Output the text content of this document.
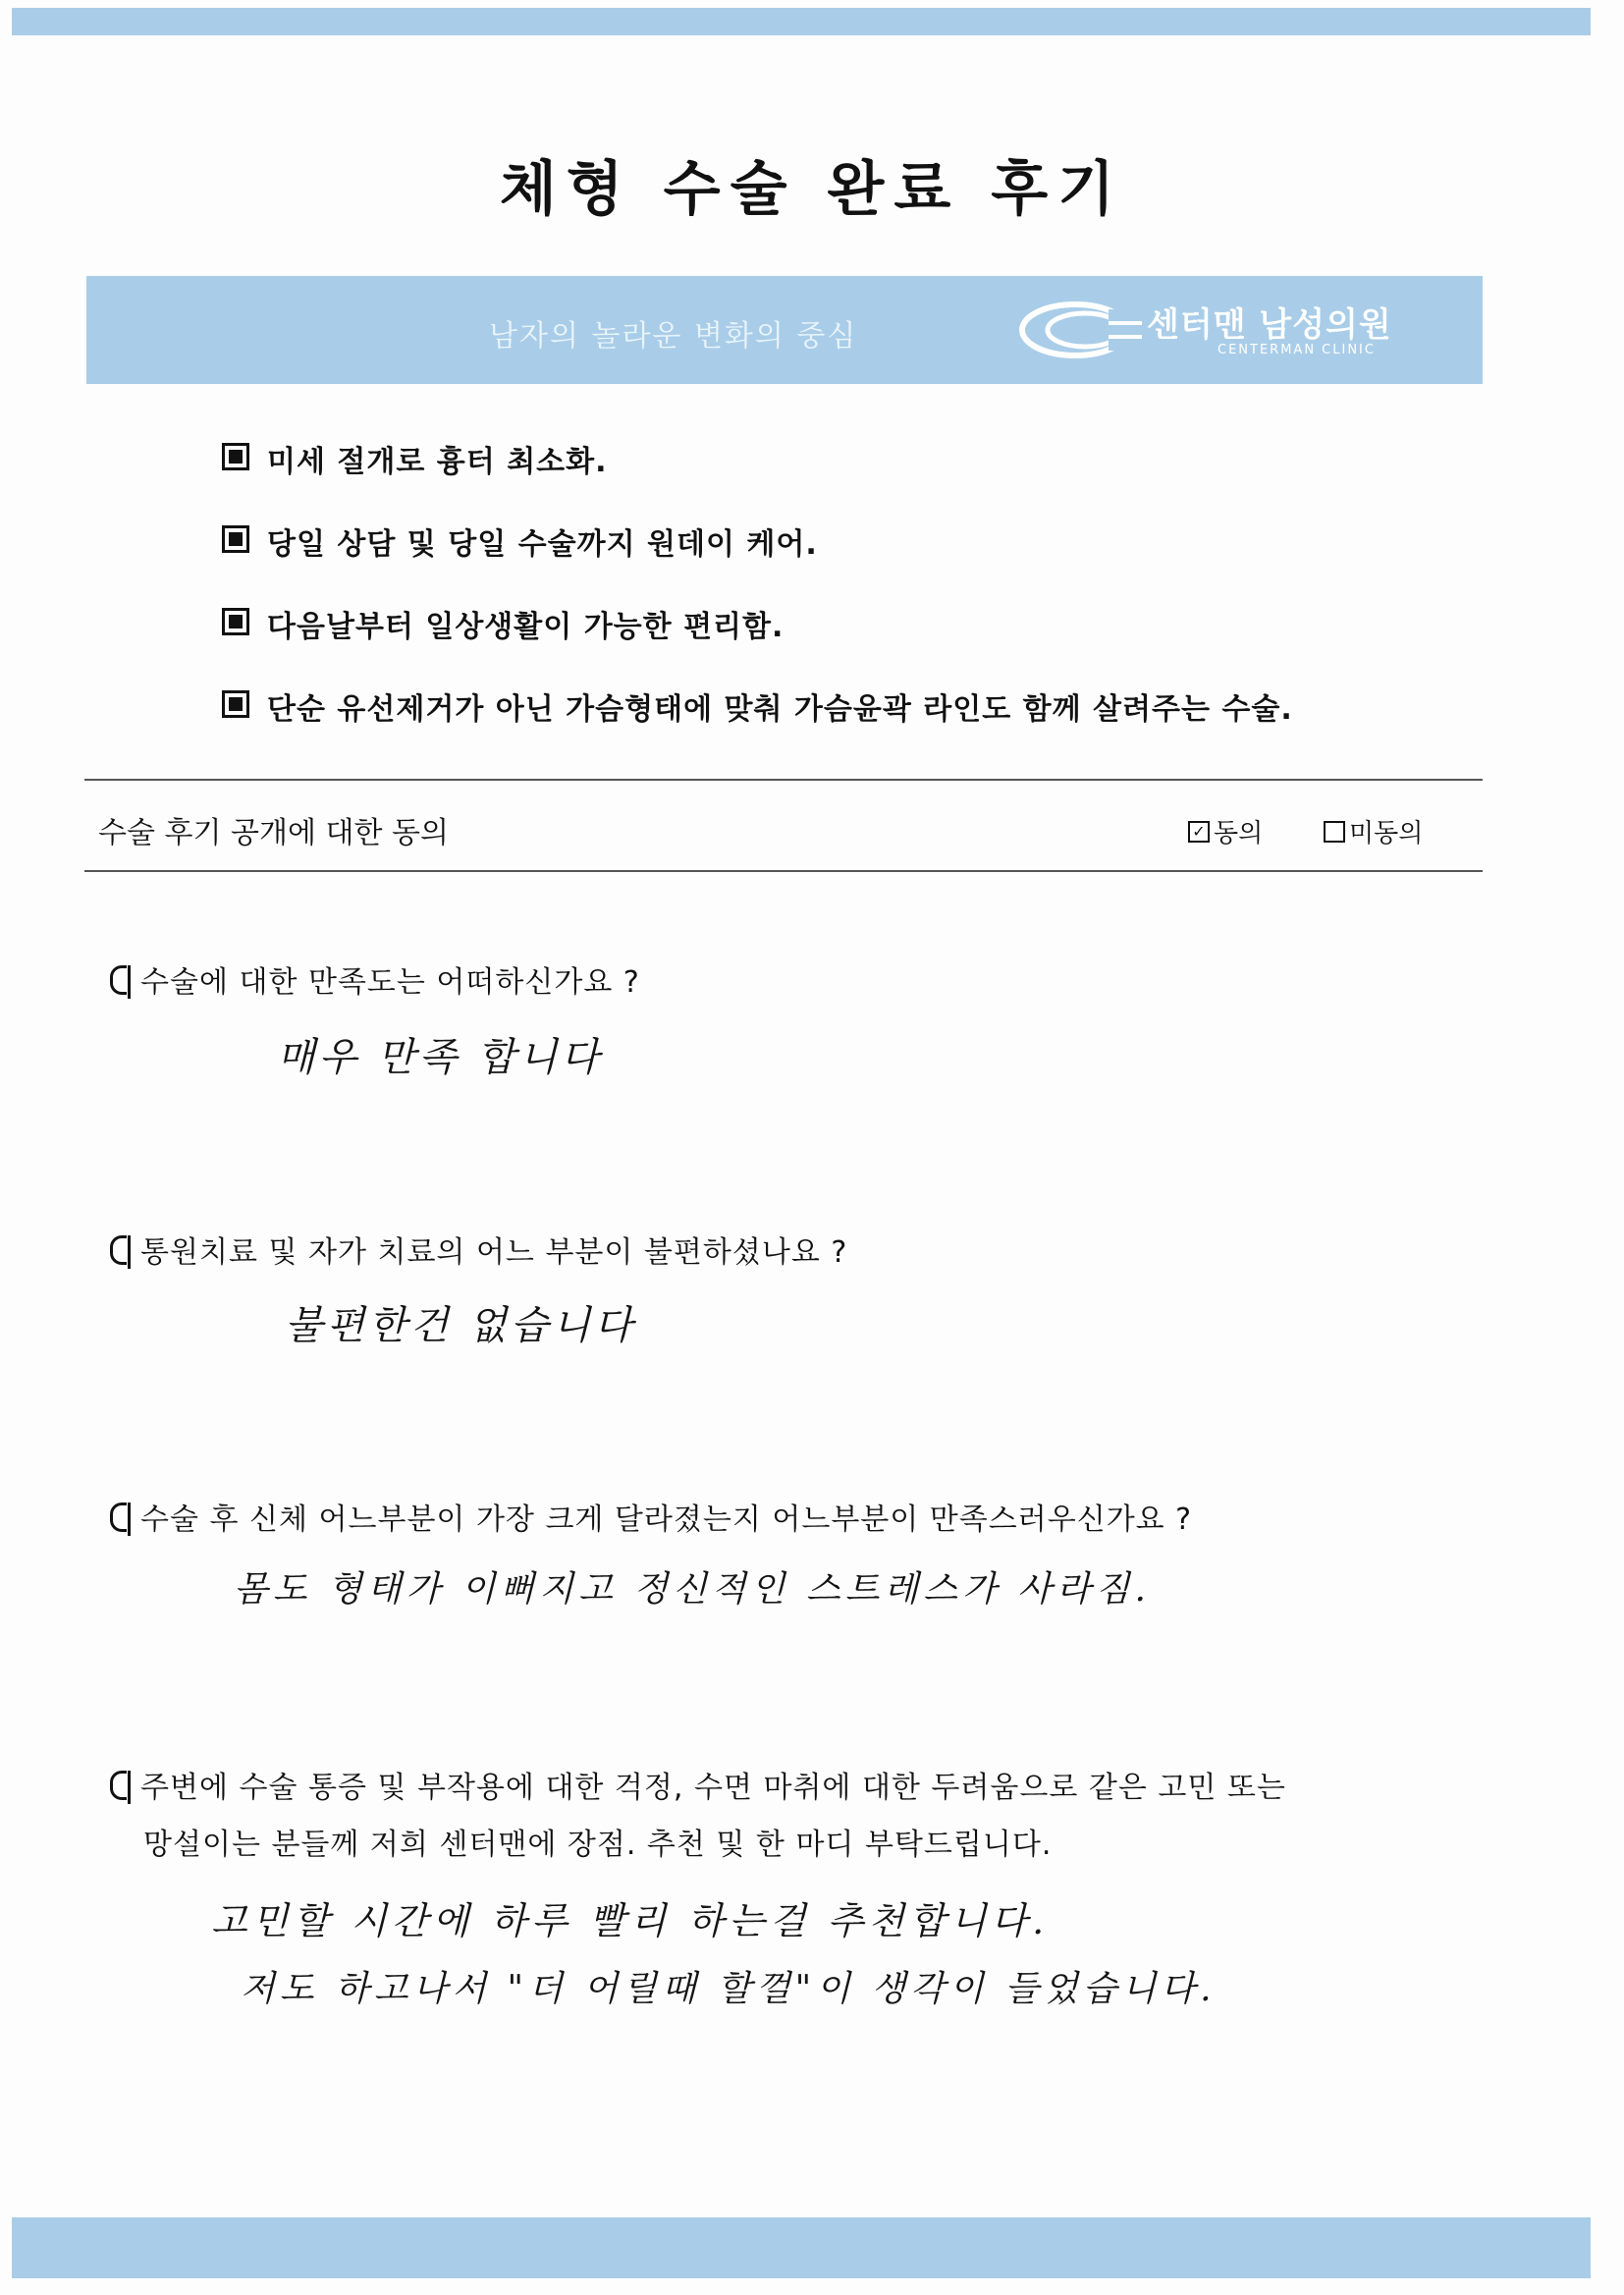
체형 수술 완료 후기
남자의 놀라운 변화의 중심	센터맨 남성의원
CENTERMAN CLINIC
미세 절개로 흉터 최소화.
당일 상담 및 당일 수술까지 원데이 케어.
다음날부터 일상생활이 가능한 편리함.
단순 유선제거가 아닌 가슴형태에 맞춰 가슴윤곽 라인도 함께 살려주는 수술.
수술 후기 공개에 대한 동의	✓ 동의	미동의
수술에 대한 만족도는 어떠하신가요 ?
매우 만족 합니다
통원치료 및 자가 치료의 어느 부분이 불편하셨나요 ?
불편한건 없습니다
수술 후 신체 어느부분이 가장 크게 달라졌는지 어느부분이 만족스러우신가요 ?
몸도 형태가 이뻐지고 정신적인 스트레스가 사라짐.
주변에 수술 통증 및 부작용에 대한 걱정, 수면 마취에 대한 두려움으로 같은 고민 또는
망설이는 분들께 저희 센터맨에 장점. 추천 및 한 마디 부탁드립니다.
고민할 시간에 하루 빨리 하는걸 추천합니다.
저도 하고나서 "더 어릴때 할껄"이 생각이 들었습니다.
